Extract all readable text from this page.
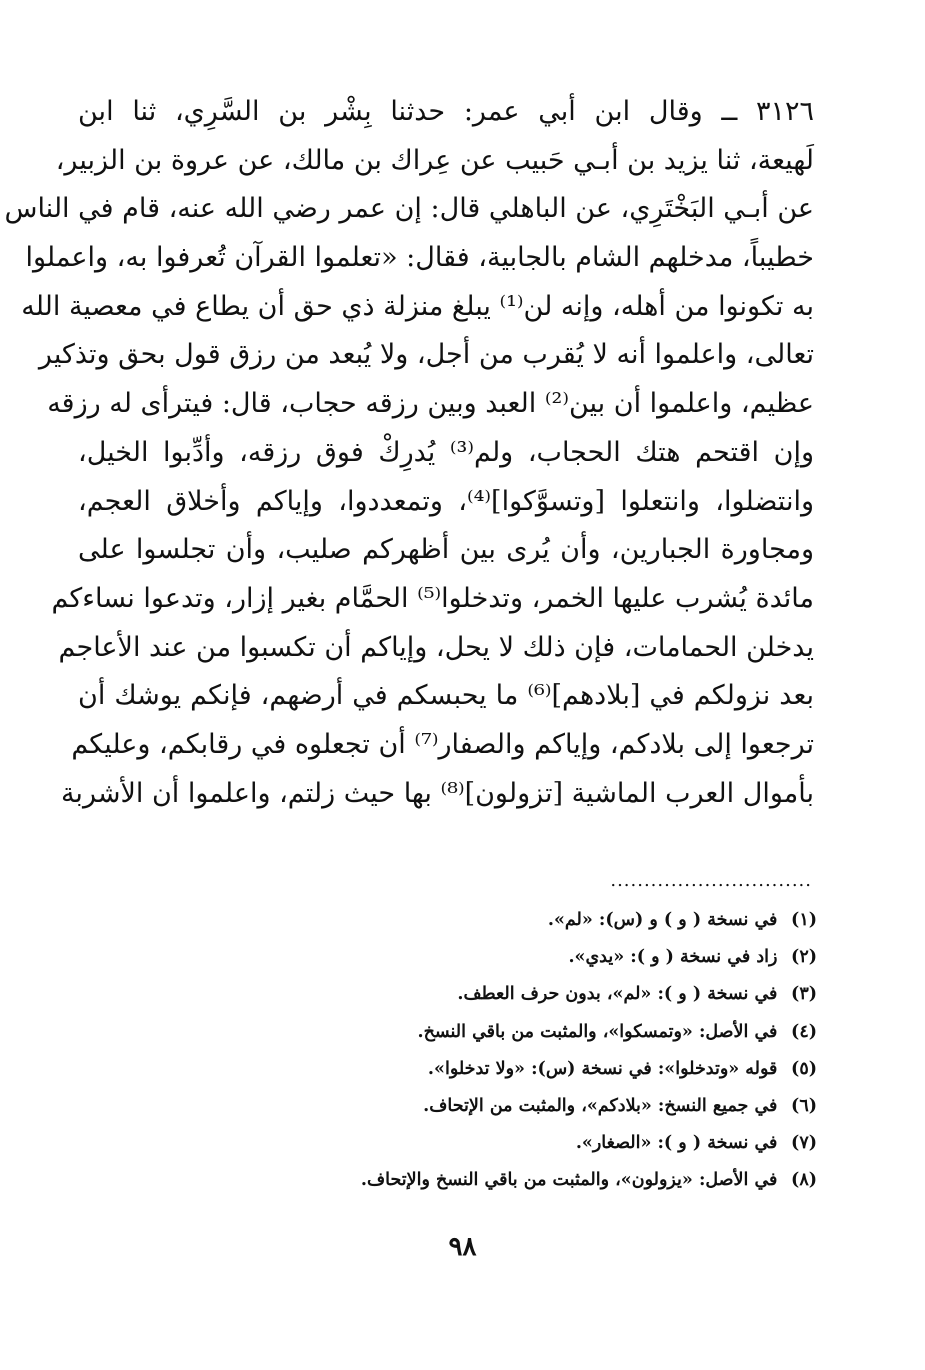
٣١٢٦ ــ وقال ابن أبي عمر: حدثنا بِشْر بن السَّرِي، ثنا ابن
لَهيعة، ثنا يزيد بن أبـي حَبيب عن عِراك بن مالك، عن عروة بن الزبير،
عن أبـي البَخْتَرِي، عن الباهلي قال: إن عمر رضي الله عنه، قام في الناس
خطيباً، مدخلهم الشام بالجابية، فقال: «تعلموا القرآن تُعرفوا به، واعملوا
به تكونوا من أهله، وإنه لن⁽¹⁾ يبلغ منزلة ذي حق أن يطاع في معصية الله
تعالى، واعلموا أنه لا يُقرب من أجل، ولا يُبعد من رزق قول بحق وتذكير
عظيم، واعلموا أن بين⁽²⁾ العبد وبين رزقه حجاب، قال: فيترأى له رزقه
وإن اقتحم هتك الحجاب، ولم⁽³⁾ يُدرِكْ فوق رزقه، وأدِّبوا الخيل،
وانتضلوا، وانتعلوا [وتسوَّكوا]⁽⁴⁾، وتمعددوا، وإياكم وأخلاق العجم،
ومجاورة الجبارين، وأن يُرى بين أظهركم صليب، وأن تجلسوا على
مائدة يُشرب عليها الخمر، وتدخلوا⁽⁵⁾ الحمَّام بغير إزار، وتدعوا نساءكم
يدخلن الحمامات، فإن ذلك لا يحل، وإياكم أن تكسبوا من عند الأعاجم
بعد نزولكم في [بلادهم]⁽⁶⁾ ما يحبسكم في أرضهم، فإنكم يوشك أن
ترجعوا إلى بلادكم، وإياكم والصفار⁽⁷⁾ أن تجعلوه في رقابكم، وعليكم
بأموال العرب الماشية [تزولون]⁽⁸⁾ بها حيث زلتم، واعلموا أن الأشربة
..............................
(١) في نسخة ( و ) و (س): «لم».
(٢) زاد في نسخة ( و ): «يدي».
(٣) في نسخة ( و ): «لم»، بدون حرف العطف.
(٤) في الأصل: «وتمسكوا»، والمثبت من باقي النسخ.
(٥) قوله «وتدخلوا»: في نسخة (س): «ولا تدخلوا».
(٦) في جميع النسخ: «بلادكم»، والمثبت من الإتحاف.
(٧) في نسخة ( و ): «الصغار».
(٨) في الأصل: «يزولون»، والمثبت من باقي النسخ والإتحاف.
٩٨
